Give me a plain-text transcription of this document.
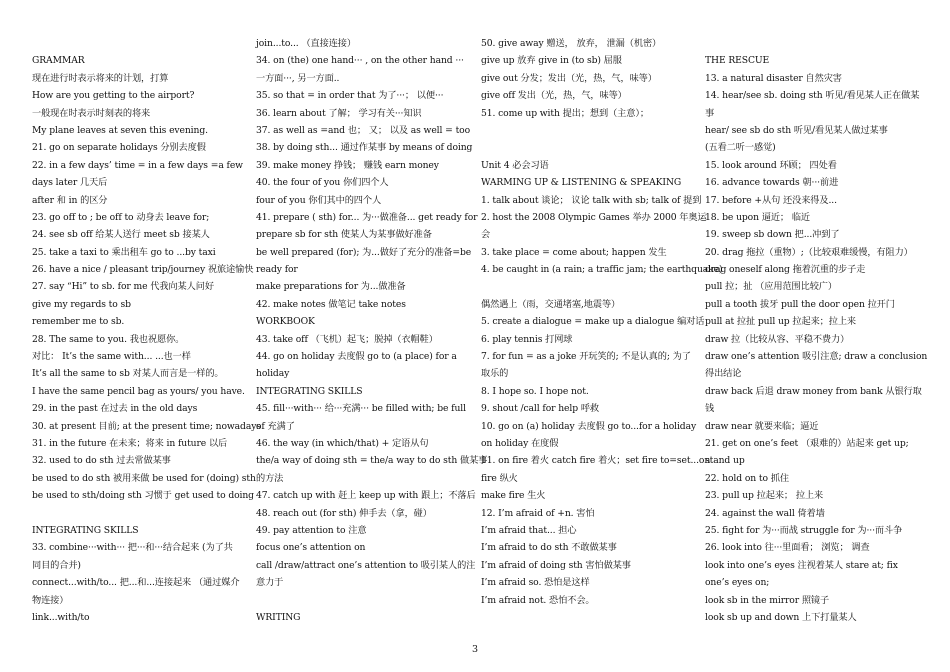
GRAMMAR
现在进行时表示将来的计划，打算
How are you getting to the airport?
一般现在时表示时刻表的将来
My plane leaves at seven this evening.
21. go on separate holidays 分别去度假
22. in a few days’ time = in a few days =a few
days later 几天后
after 和 in 的区分
23. go off to ; be off to 动身去 leave for;
24. see sb off 给某人送行 meet sb 接某人
25. take a taxi to 乘出租车 go to ...by taxi
26. have a nice / pleasant trip/journey 祝旅途愉快
27. say “Hi” to sb. for me 代我向某人问好
give my regards to sb
remember me to sb.
28. The same to you. 我也祝愿你。
对比： It’s the same with... ...也一样
It’s all the same to sb 对某人而言是一样的。
I have the same pencil bag as yours/ you have.
29. in the past 在过去 in the old days
30. at present 目前; at the present time; nowadays
31. in the future 在未来；将来 in future 以后
32. used to do sth 过去常做某事
be used to do sth 被用来做 be used for (doing) sth
be used to sth/doing sth 习惯于 get used to doing
INTEGRATING SKILLS
33. combine···with··· 把···和···结合起来 (为了共
同目的合并)
connect...with/to... 把...和...连接起来 （通过媒介
物连接）
link...with/to
join...to... （直接连接）
34. on (the) one hand··· , on the other hand ···
一方面···, 另一方面..
35. so that = in order that 为了···； 以便···
36. learn about 了解； 学习有关···知识
37. as well as =and 也； 又； 以及 as well = too
38. by doing sth... 通过作某事 by means of doing
39. make money 挣钱； 赚钱 earn money
40. the four of you 你们四个人
four of you 你们其中的四个人
41. prepare ( sth) for... 为···做准备... get ready for
prepare sb for sth 使某人为某事做好准备
be well prepared (for); 为...做好了充分的准备=be
ready for
make preparations for 为...做准备
42. make notes 做笔记 take notes
WORKBOOK
43. take off （飞机）起飞；脱掉（衣帽鞋）
44. go on holiday 去度假 go to (a place) for a
holiday
INTEGRATING SKILLS
45. fill···with··· 给···充满··· be filled with; be full
of 充满了
46. the way (in which/that) + 定语从句
the/a way of doing sth = the/a way to do sth 做某事
的方法
47. catch up with 赶上 keep up with 跟上；不落后
48. reach out (for sth) 伸手去（拿，碰）
49. pay attention to 注意
focus one’s attention on
call /draw/attract one’s attention to 吸引某人的注
意力于
WRITING
50. give away 赠送， 放弃， 泄漏（机密）
give up 放弃 give in (to sb) 屈服
give out 分发；发出（光，热，气，味等）
give off 发出（光，热，气，味等）
51. come up with 提出；想到（主意）；
Unit 4 必会习语
WARMING UP & LISTENING & SPEAKING
1. talk about 谈论； 议论 talk with sb; talk of 提到
2. host the 2008 Olympic Games 举办 2000 年奥运
会
3. take place = come about; happen 发生
4. be caught in (a rain; a traffic jam; the earthquake)
偶然遇上（雨，交通堵塞,地震等）
5. create a dialogue = make up a dialogue 编对话
6. play tennis 打网球
7. for fun = as a joke 开玩笑的; 不是认真的; 为了
取乐的
8. I hope so. I hope not.
9. shout /call for help 呼救
10. go on (a) holiday 去度假 go to...for a holiday
on holiday 在度假
11. on fire 着火 catch fire 着火；set fire to=set...on
fire 纵火
make fire 生火
12. I’m afraid of +n. 害怕
I’m afraid that... 担心
I’m afraid to do sth 不敢做某事
I’m afraid of doing sth 害怕做某事
I’m afraid so. 恐怕是这样
I’m afraid not. 恐怕不会。
THE RESCUE
13. a natural disaster 自然灾害
14. hear/see sb. doing sth 听见/看见某人正在做某
事
hear/ see sb do sth 听见/看见某人做过某事
(五看二听一感觉)
15. look around 环顾； 四处看
16. advance towards 朝···前进
17. before +从句 还没来得及...
18. be upon 逼近； 临近
19. sweep sb down 把...冲到了
20. drag 拖拉（重物）;（比较艰难缓慢，有阻力）
drag oneself along 拖着沉重的步子走
pull 拉；扯 （应用范围比较广）
pull a tooth 拔牙 pull the door open 拉开门
pull at 拉扯 pull up 拉起来；拉上来
draw 拉（比较从容、平稳不费力）
draw one’s attention 吸引注意; draw a conclusion
得出结论
draw back 后退 draw money from bank 从银行取
钱
draw near 就要来临；逼近
21. get on one’s feet （艰难的）站起来 get up;
stand up
22. hold on to 抓住
23. pull up 拉起来； 拉上来
24. against the wall 倚着墙
25. fight for 为···而战 struggle for 为···而斗争
26. look into 往···里面看； 浏览； 调查
look into one’s eyes 注视着某人 stare at; fix
one’s eyes on;
look sb in the mirror 照镜子
look sb up and down 上下打量某人
3
